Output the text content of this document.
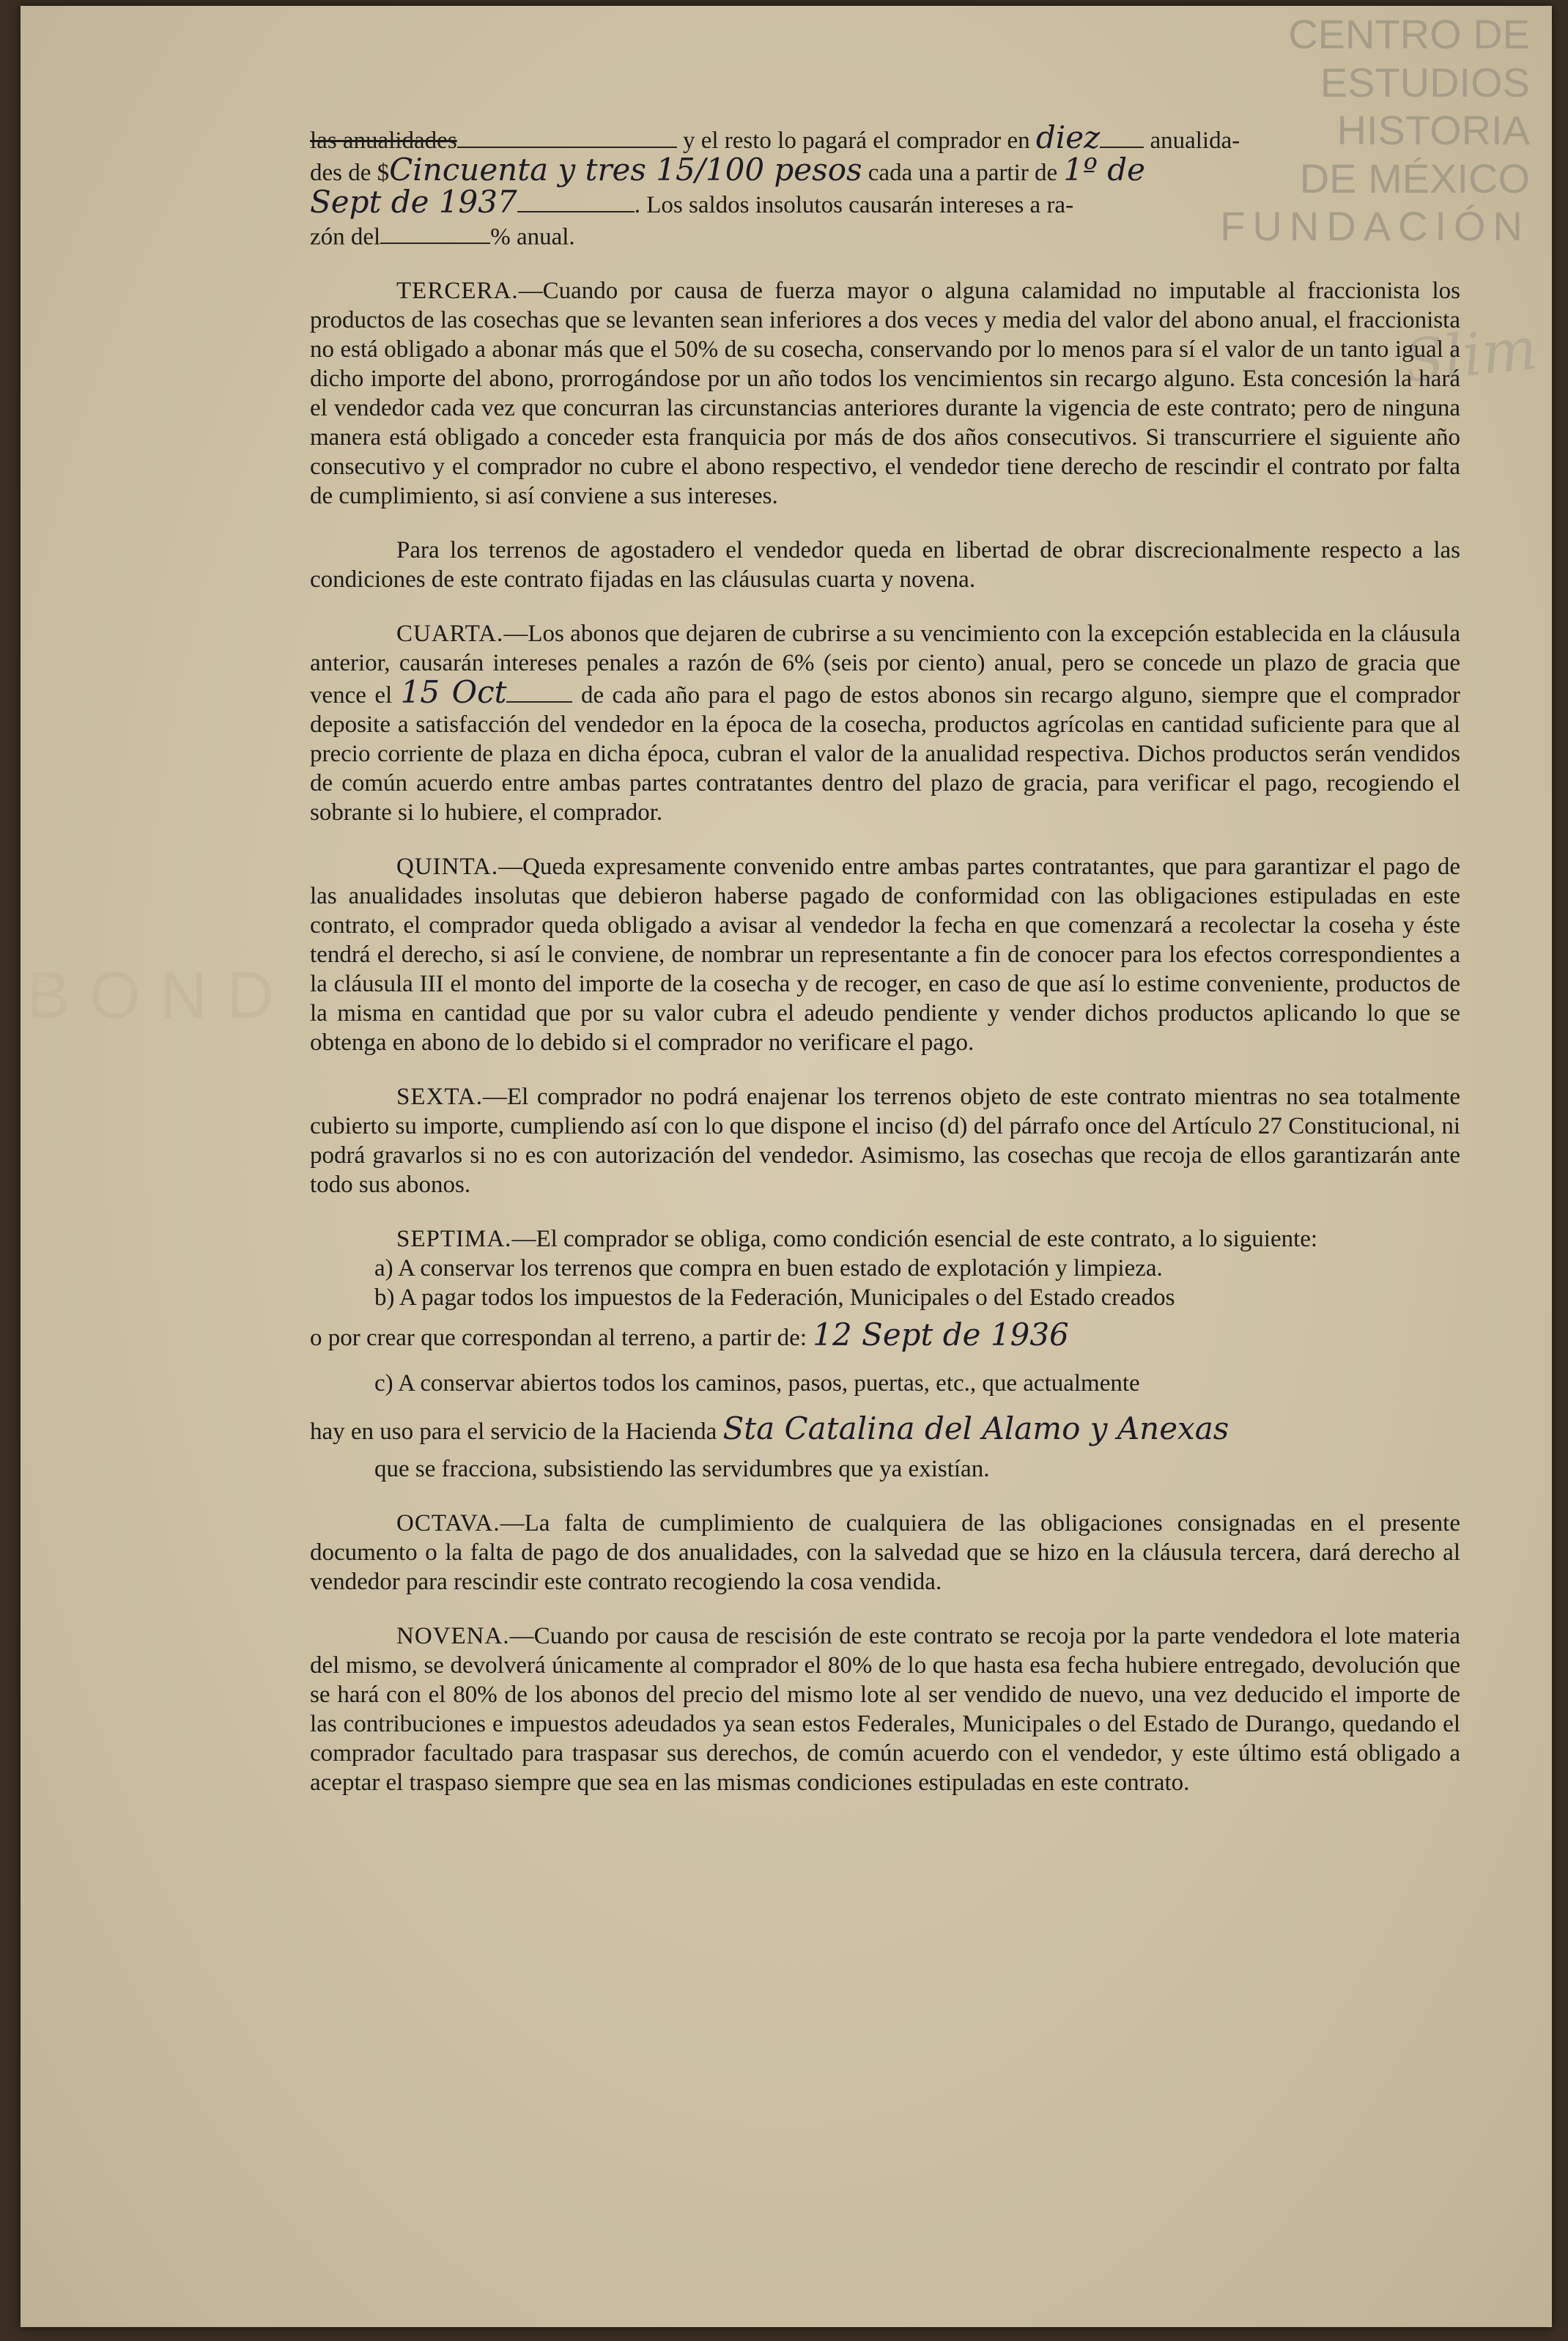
CENTRO DE
ESTUDIOS
HISTORIA
DE MÉXICO
FUNDACIÓN
BOND
Slim

las anualidades	y el resto lo pagará el comprador en diez anualida-

des de $Cincuenta y tres 15/100 pesos cada una a partir de 1º de

Sept de 1937	. Los saldos insolutos causarán intereses a ra-

zón del	% anual.

TERCERA.—Cuando por causa de fuerza mayor o alguna calamidad no imputable al fraccionista los productos de las cosechas que se levanten sean inferiores a dos veces y media del valor del abono anual, el fraccionista no está obligado a abonar más que el 50% de su cosecha, conservando por lo menos para sí el valor de un tanto igual a dicho importe del abono, prorrogándose por un año todos los vencimientos sin recargo alguno. Esta concesión la hará el vendedor cada vez que concurran las circunstancias anteriores durante la vigencia de este contrato; pero de ninguna manera está obligado a conceder esta franquicia por más de dos años consecutivos. Si transcurriere el siguiente año consecutivo y el comprador no cubre el abono respectivo, el vendedor tiene derecho de rescindir el contrato por falta de cumplimiento, si así conviene a sus intereses.

Para los terrenos de agostadero el vendedor queda en libertad de obrar discrecionalmente respecto a las condiciones de este contrato fijadas en las cláusulas cuarta y novena.

CUARTA.—Los abonos que dejaren de cubrirse a su vencimiento con la excepción establecida en la cláusula anterior, causarán intereses penales a razón de 6% (seis por ciento) anual, pero se concede un plazo de gracia que vence el 15 Oct	de cada año para el pago de estos abonos sin recargo alguno, siempre que el comprador deposite a satisfacción del vendedor en la época de la cosecha, productos agrícolas en cantidad suficiente para que al precio corriente de plaza en dicha época, cubran el valor de la anualidad respectiva. Dichos productos serán vendidos de común acuerdo entre ambas partes contratantes dentro del plazo de gracia, para verificar el pago, recogiendo el sobrante si lo hubiere, el comprador.

QUINTA.—Queda expresamente convenido entre ambas partes contratantes, que para garantizar el pago de las anualidades insolutas que debieron haberse pagado de conformidad con las obligaciones estipuladas en este contrato, el comprador queda obligado a avisar al vendedor la fecha en que comenzará a recolectar la coseha y éste tendrá el derecho, si así le conviene, de nombrar un representante a fin de conocer para los efectos correspondientes a la cláusula III el monto del importe de la cosecha y de recoger, en caso de que así lo estime conveniente, productos de la misma en cantidad que por su valor cubra el adeudo pendiente y vender dichos productos aplicando lo que se obtenga en abono de lo debido si el comprador no verificare el pago.

SEXTA.—El comprador no podrá enajenar los terrenos objeto de este contrato mientras no sea totalmente cubierto su importe, cumpliendo así con lo que dispone el inciso (d) del párrafo once del Artículo 27 Constitucional, ni podrá gravarlos si no es con autorización del vendedor. Asimismo, las cosechas que recoja de ellos garantizarán ante todo sus abonos.

SEPTIMA.—El comprador se obliga, como condición esencial de este contrato, a lo siguiente:

a) A conservar los terrenos que compra en buen estado de explotación y limpieza.

b) A pagar todos los impuestos de la Federación, Municipales o del Estado creados

o por crear que correspondan al terreno, a partir de: 12 Sept de 1936

c) A conservar abiertos todos los caminos, pasos, puertas, etc., que actualmente

hay en uso para el servicio de la Hacienda Sta Catalina del Alamo y Anexas

que se fracciona, subsistiendo las servidumbres que ya existían.

OCTAVA.—La falta de cumplimiento de cualquiera de las obligaciones consignadas en el presente documento o la falta de pago de dos anualidades, con la salvedad que se hizo en la cláusula tercera, dará derecho al vendedor para rescindir este contrato recogiendo la cosa vendida.

NOVENA.—Cuando por causa de rescisión de este contrato se recoja por la parte vendedora el lote materia del mismo, se devolverá únicamente al comprador el 80% de lo que hasta esa fecha hubiere entregado, devolución que se hará con el 80% de los abonos del precio del mismo lote al ser vendido de nuevo, una vez deducido el importe de las contribuciones e impuestos adeudados ya sean estos Federales, Municipales o del Estado de Durango, quedando el comprador facultado para traspasar sus derechos, de común acuerdo con el vendedor, y este último está obligado a aceptar el traspaso siempre que sea en las mismas condiciones estipuladas en este contrato.
